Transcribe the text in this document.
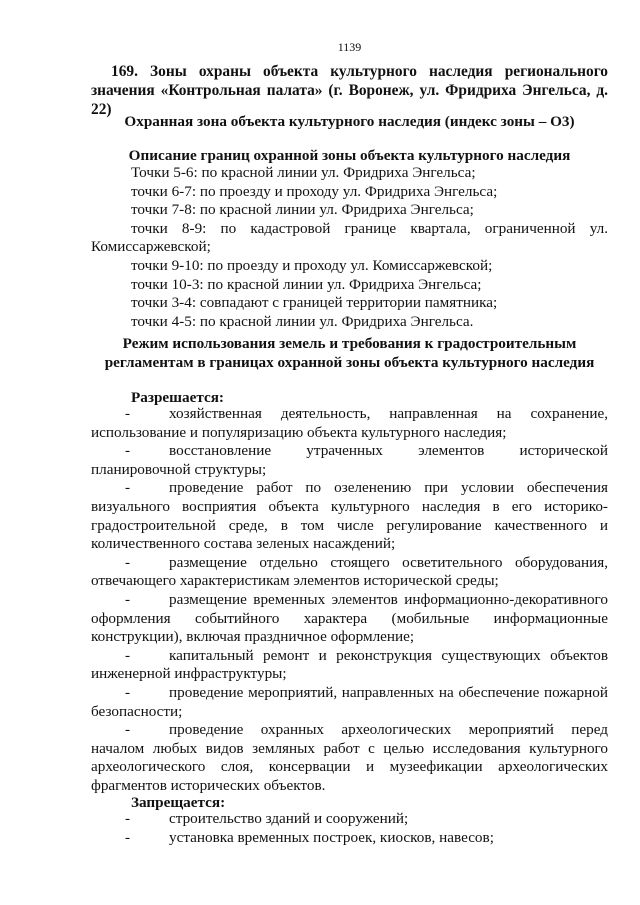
1139
169. Зоны охраны объекта культурного наследия регионального значения «Контрольная палата» (г. Воронеж, ул. Фридриха Энгельса, д. 22)
Охранная зона объекта культурного наследия (индекс зоны – О3)
Описание границ охранной зоны объекта культурного наследия

Точки 5-6: по красной линии ул. Фридриха Энгельса;

точки 6-7: по проезду и проходу ул. Фридриха Энгельса;

точки 7-8: по красной линии ул. Фридриха Энгельса;

точки 8-9: по кадастровой границе квартала, ограниченной ул. Комиссаржевской;

точки 9-10: по проезду и проходу ул. Комиссаржевской;

точки 10-3: по красной линии ул. Фридриха Энгельса;

точки 3-4: совпадают с границей территории памятника;

точки 4-5: по красной линии ул. Фридриха Энгельса.

Режим использования земель и требования к градостроительным регламентам в границах охранной зоны объекта культурного наследия
Разрешается:

-	хозяйственная деятельность, направленная на сохранение, использование и популяризацию объекта культурного наследия;

-	восстановление утраченных элементов исторической планировочной структуры;

-	проведение работ по озеленению при условии обеспечения визуального восприятия объекта культурного наследия в его историко-градостроительной среде, в том числе регулирование качественного и количественного состава зеленых насаждений;

-	размещение отдельно стоящего осветительного оборудования, отвечающего характеристикам элементов исторической среды;

-	размещение временных элементов информационно-декоративного оформления событийного характера (мобильные информационные конструкции), включая праздничное оформление;

-	капитальный ремонт и реконструкция существующих объектов инженерной инфраструктуры;

-	проведение мероприятий, направленных на обеспечение пожарной безопасности;

-	проведение охранных археологических мероприятий перед началом любых видов земляных работ с целью исследования культурного археологического слоя, консервации и музеефикации археологических фрагментов исторических объектов.

Запрещается:

-	строительство зданий и сооружений;

-	установка временных построек, киосков, навесов;
